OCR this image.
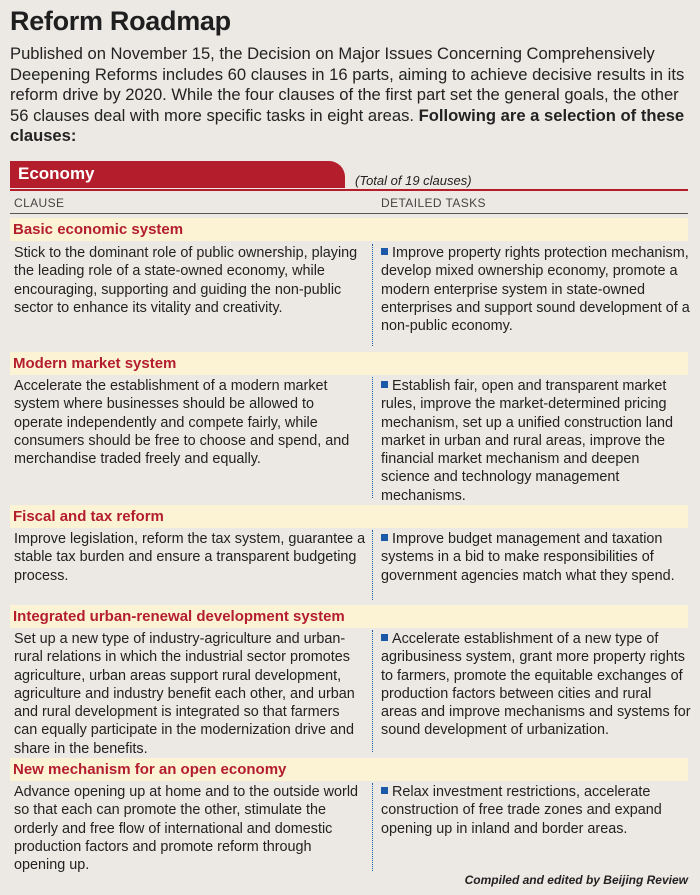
Reform Roadmap
Published on November 15, the Decision on Major Issues Concerning Comprehensively Deepening Reforms includes 60 clauses in 16 parts, aiming to achieve decisive results in its reform drive by 2020. While the four clauses of the first part set the general goals, the other 56 clauses deal with more specific tasks in eight areas. Following are a selection of these clauses:
Economy	(Total of 19 clauses)
CLAUSE	DETAILED TASKS
Basic economic system
Stick to the dominant role of public ownership, playing the leading role of a state-owned economy, while encouraging, supporting and guiding the non-public sector to enhance its vitality and creativity.
Improve property rights protection mechanism, develop mixed ownership economy, promote a modern enterprise system in state-owned enterprises and support sound development of a non-public economy.
Modern market system
Accelerate the establishment of a modern market system where businesses should be allowed to operate independently and compete fairly, while consumers should be free to choose and spend, and merchandise traded freely and equally.
Establish fair, open and transparent market rules, improve the market-determined pricing mechanism, set up a unified construction land market in urban and rural areas, improve the financial market mechanism and deepen science and technology management mechanisms.
Fiscal and tax reform
Improve legislation, reform the tax system, guarantee a stable tax burden and ensure a transparent budgeting process.
Improve budget management and taxation systems in a bid to make responsibilities of government agencies match what they spend.
Integrated urban-renewal development system
Set up a new type of industry-agriculture and urban-rural relations in which the industrial sector promotes agriculture, urban areas support rural development, agriculture and industry benefit each other, and urban and rural development is integrated so that farmers can equally participate in the modernization drive and share in the benefits.
Accelerate establishment of a new type of agribusiness system, grant more property rights to farmers, promote the equitable exchanges of production factors between cities and rural areas and improve mechanisms and systems for sound development of urbanization.
New mechanism for an open economy
Advance opening up at home and to the outside world so that each can promote the other, stimulate the orderly and free flow of international and domestic production factors and promote reform through opening up.
Relax investment restrictions, accelerate construction of free trade zones and expand opening up in inland and border areas.
Compiled and edited by Beijing Review
